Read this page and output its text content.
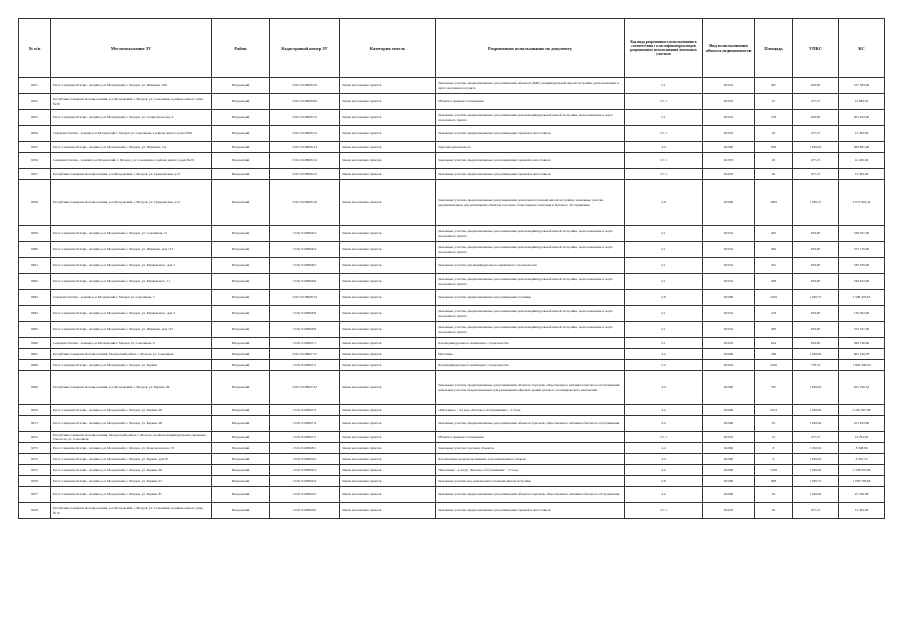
№ п/п	Местоположение ЗУ	Район	Кадастровый номер ЗУ	Категория земель	Разрешенное использование по документу	Код вида разрешенного использования в соответствии с классификатором видов разрешенного использования земельных участков	Вид использования объекта недвижимости	Площадь	УПКС	КС
9051	Респ. Северная Осетия - Алания, р-н Моздокский, г. Моздок, ул. Шаумяна, 109	Моздокский	15:01:0128006:10	Земли населенных пунктов	Земельные участки, предназначенные для размещения объектов (ИЖС) индивидуальной жилой застройки, расположенные в черте населенного пункта	2.1	02:010	497	639,00	317 583,00
9052	Республика Северная Осетия-Алания, р-н Моздокский, г. Моздок, ул. Соколиная, в районе жилого дома №38	Моздокский	15:01:0128006:09	Земли населенных пунктов	Объекты гаражного назначения	2.7.1	02:070	27	477,15	12 883,05
9053	Респ. Северная Осетия - Алания, р-н Моздокский, г. Моздок, ул. Ставропольская, 4	Моздокский	15:01:0128006:15	Земли населенных пунктов	Земельные участки, предназначенные для размещения домов индивидуальной жилой застройки, расположенные в черте населенного пункта	2.1	02:010	318	639,00	203 202,00
9054	Северная Осетия - Алания р-н Моздокский г. Моздок ул. Соколиная, в районе жилого дома №40	Моздокский	15:01:0128006:12	Земли населенных пунктов	Земельные участки, предназначенные для размещения гаражей и автостоянок	2.7.1	02:070	26	477,15	12 405,90
9055	Респ. Северная Осетия - Алания, р-н Моздокский, г. Моздок, ул. Шаумяна, 111	Моздокский	15:01:0128006:13	Земли населенных пунктов	Торговая деятельность	4.4	04:060	658	1 063,62	699 861,96
9056	Северная Осетия - Алания р-н Моздокский, г. Моздок, ул. Соколиная, в районе жилого дома №39	Моздокский	15:01:0128006:14	Земли населенных пунктов	Земельные участки, предназначенные для размещения гаражей и автостоянок	2.7.1	02:070	26	477,15	12 405,90
9057	Республика Северная Осетия-Алания, р-н Моздокский, г. Моздок, ул. Гражданская, д.15	Моздокский	15:01:0128006:15	Земли населенных пунктов	Земельные участки, предназначенные для размещения гаражей и автостоянок	2.7.1	02:070	26	477,15	12 405,90
9058	Республика Северная Осетия-Алания, р-н Моздокский, г. Моздок, ул. Гражданская, д.15	Моздокский	15:01:0128006:16	Земли населенных пунктов	Земельные участки, предназначенные для размещения домов многоэтажной жилой застройки; земельные участки, предназначенные для размещения объектов торговли, общественного питания и бытового обслуживания	2.6	02:060	1892	1 095,57	2 072 818,44
9059	Респ. Северная Осетия - Алания, р-н Моздокский, г. Моздок, ул. Соколиная, 31	Моздокский	15:01:0128006:2	Земли населенных пунктов	Земельные участки, предназначенные для размещения домов индивидуальной жилой застройки, расположенные в черте населенного пункта	2.1	02:010	263	639,00	168 057,00
9060	Респ. Северная Осетия - Алания, р-н Моздокский, г. Моздок, ул. Шаумяна, дом 113	Моздокский	15:01:0128006:4	Земли населенных пунктов	Земельные участки, предназначенные для размещения домов индивидуальной жилой застройки, расположенные в черте населенного пункта	2.1	02:010	584	639,00	373 176,00
9061	Респ. Северная Осетия - Алания, р-н Моздокский, г. Моздок, ул. Маяковского, дом 2	Моздокский	15:01:0128006:5	Земли населенных пунктов	Земельные участки для индивидуального жилищного строительства	2.1	02:010	361	639,00	230 679,00
9062	Респ. Северная Осетия - Алания, р-н Моздокский, г. Моздок, ул. Маяковского, 11	Моздокский	15:01:0128006:6	Земли населенных пунктов	Земельные участки, предназначенные для размещения домов индивидуальной жилой застройки, расположенные в черте населенного пункта	2.1	02:010	308	639,00	196 812,00
9063	Северная Осетия - Алания р-н Моздокский г. Моздок ул. Соколиная, 7	Моздокский	15:01:0128006:74	Земли населенных пунктов	Земельные участки, предназначенные для размещения гостиниц	2.6	02:060	1459	1 095,57	1 598 476,63
9064	Респ. Северная Осетия - Алания, р-н Моздокский, г. Моздок, ул. Маяковского, дом 4	Моздокский	15:01:0128006:8	Земли населенных пунктов	Земельные участки, предназначенные для размещения домов индивидуальной жилой застройки, расположенные в черте населенного пункта	2.1	02:010	218	639,00	139 302,00
9065	Респ. Северная Осетия - Алания, р-н Моздокский, г. Моздок, ул. Шаумяна, дом 115	Моздокский	15:01:0128006:9	Земли населенных пунктов	Земельные участки, предназначенные для размещения домов индивидуальной жилой застройки, расположенные в черте населенного пункта	2.1	02:010	583	639,00	372 537,00
9066	Северная Осетия - Алания р-н Моздокский г. Моздок ул. Соколиная, 9	Моздокский	15:01:0128007:1	Земли населенных пунктов	Для индивидуального жилищного строительства	2.1	02:010	624	639,00	398 736,00
9067	Республика Северная Осетия-Алания, Моздокский район, г. Моздок, ул. Соколиная	Моздокский	15:01:0128007:17	Земли населенных пунктов	Магазины	4.4	04:060	569	1 063,62	605 199,78
9068	Респ. Северная Осетия - Алания, р-н Моздокский, г. Моздок, ул. Барина	Моздокский	15:01:0128007:2	Земли населенных пунктов	Для индивидуального жилищного строительства	2.2	02:050	2430	778,74	1 892 338,20
9069	Республика Северная Осетия-Алания, р-н Моздокский, г. Моздок, ул. Барина, 96	Моздокский	15:01:0128007:23	Земли населенных пунктов	Земельные участки, предназначенные для размещения объектов торговли, общественного питания и бытового обслуживания; земельные участки, предназначенные для размещения офисных зданий делового и коммерческого назначения	4.4	04:060	767	1 063,62	815 796,54
9070	Респ. Северная Осетия - Алания, р-н Моздокский, г. Моздок, ул. Барина, 96	Моздокский	15:01:0128007:3	Земли населенных пунктов	«Магазины» - 4.4 код; «Бытовое обслуживание» - 3.3 код	4.4	04:060	2074	1 063,62	2 205 947,88
9071	Респ. Северная Осетия - Алания, р-н Моздокский, г. Моздок, ул. Барина, 98	Моздокский	15:01:0128007:4	Земли населенных пунктов	Земельные участки, предназначенные для размещения объектов торговли, общественного питания и бытового обслуживания	4.4	04:060	95	1 063,62	101 043,90
9072	Республика Северная Осетия-Алания, Моздокский район, г. Моздок, в районе индивидуальных гаражных боксов по ул. Соколиная	Моздокский	15:01:0128007:5	Земли населенных пунктов	Объекты гаражного назначения	2.7.1	02:070	31	477,15	14 791,65
9073	Респ. Северная Осетия - Алания, р-н Моздокский, г. Моздок, ул. Комсомольская, 33	Моздокский	15:01:0128008:1	Земли населенных пунктов	Земельные участки торговых объектов	4.4	04:060	8	1 063,62	8 508,96
9074	Респ. Северная Осетия - Алания, р-н Моздокский, г. Моздок, ул. Барина, дом 97	Моздокский	15:01:0128009:2	Земли населенных пунктов	Для магазина продовольственных и промышленных товаров	4.4	04:060	6	1 063,62	6 381,72
9075	Респ. Северная Осетия - Алания, р-н Моздокский, г. Моздок, ул. Барина, 99	Моздокский	15:01:0128009:3	Земли населенных пунктов	"Магазины"- 4.4 код; "Бытовое обслуживание" - 3.3 код	4.4	04:060	1258	1 063,62	1 338 033,96
9076	Респ. Северная Осетия - Алания, р-н Моздокский, г. Моздок, ул. Барина, 91	Моздокский	15:01:0128009:4	Земли населенных пунктов	Земельные участки под домами многоэтажной жилой застройки	2.6	02:060	998	1 095,57	1 093 378,86
9077	Респ. Северная Осетия - Алания, р-н Моздокский, г. Моздок, ул. Барина, 87	Моздокский	15:01:0128009:5	Земли населенных пунктов	Земельные участки, предназначенные для размещения объектов торговли, общественного питания и бытового обслуживания	4.4	04:060	24	1 063,62	25 526,88
9078	Республика Северная Осетия-Алания, р-н Моздокский, г. Моздок, ул. Соколиная, в районе жилого дома №12	Моздокский	15:01:0128009:6	Земли населенных пунктов	Земельные участки, предназначенные для размещения гаражей и автостоянок	2.7.1	02:070	26	477,15	12 405,90
